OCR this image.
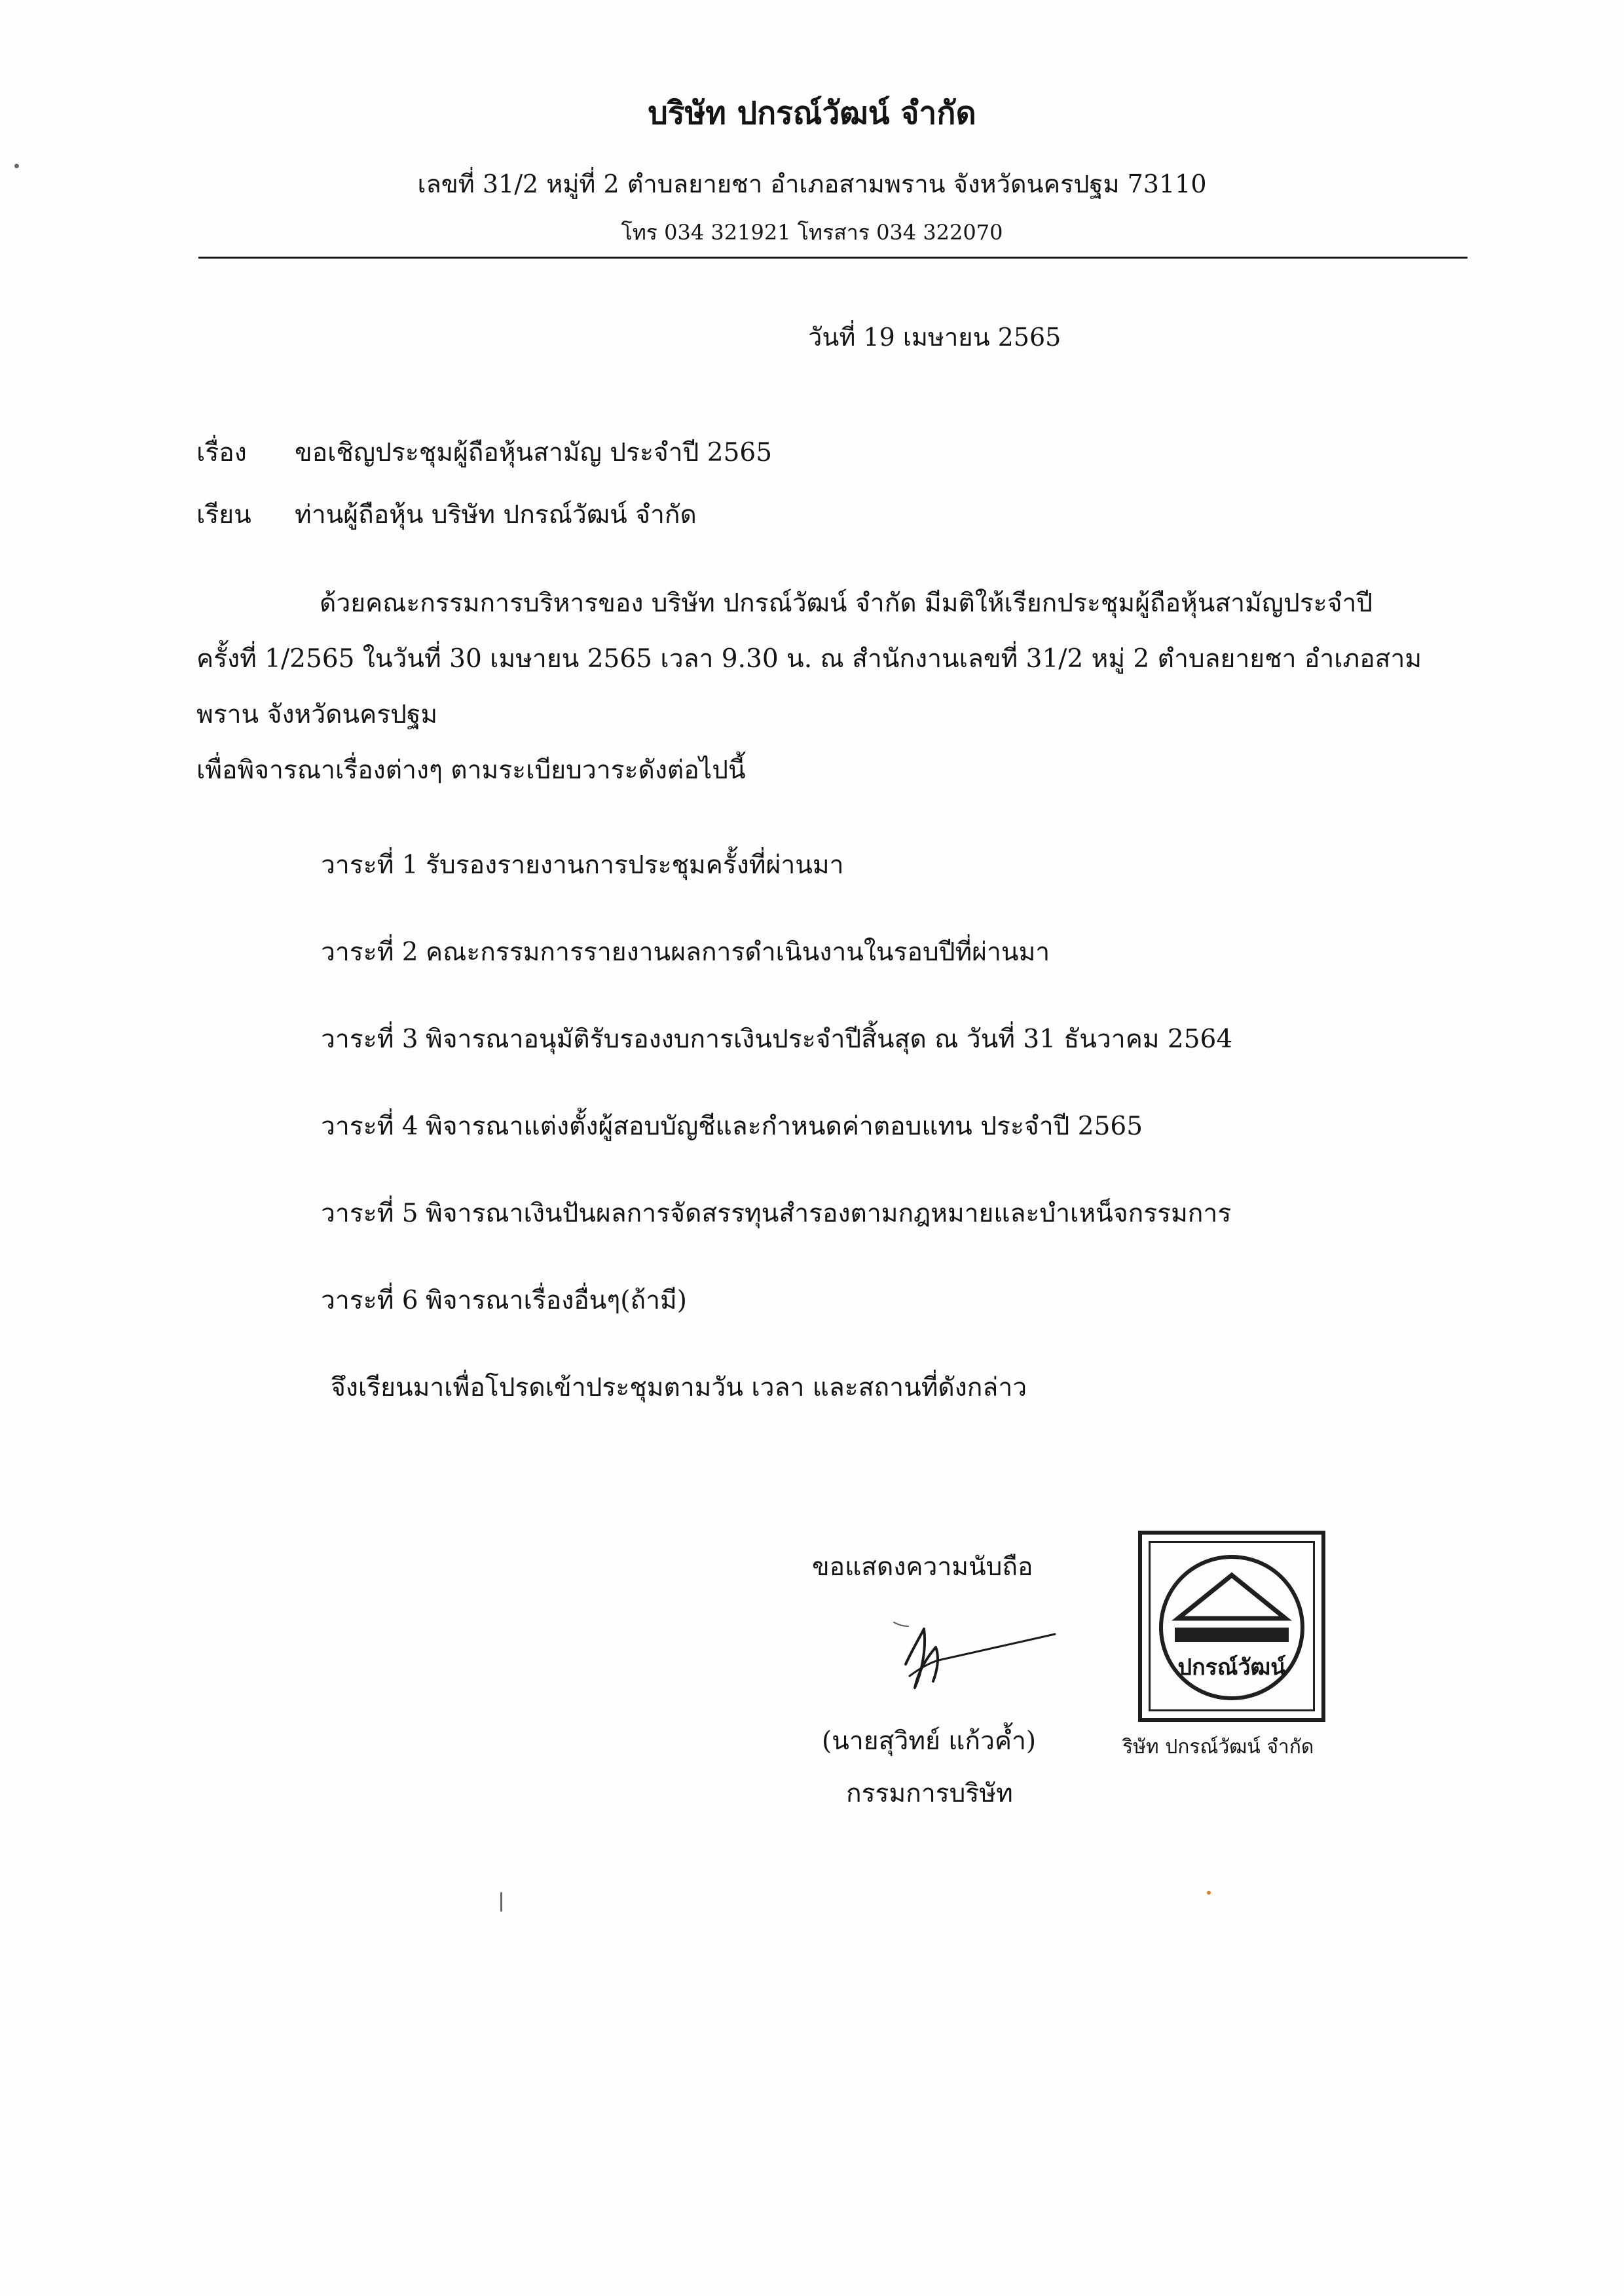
บริษัท ปกรณ์วัฒน์ จำกัด
เลขที่ 31/2 หมู่ที่ 2 ตำบลยายชา อำเภอสามพราน จังหวัดนครปฐม 73110
โทร 034 321921 โทรสาร 034 322070
วันที่ 19 เมษายน 2565
เรื่อง ขอเชิญประชุมผู้ถือหุ้นสามัญ ประจำปี 2565
เรียน ท่านผู้ถือหุ้น บริษัท ปกรณ์วัฒน์ จำกัด
ด้วยคณะกรรมการบริหารของ บริษัท ปกรณ์วัฒน์ จำกัด มีมติให้เรียกประชุมผู้ถือหุ้นสามัญประจำปี
ครั้งที่ 1/2565 ในวันที่ 30 เมษายน 2565 เวลา 9.30 น. ณ สำนักงานเลขที่ 31/2 หมู่ 2 ตำบลยายชา อำเภอสาม
พราน จังหวัดนครปฐม
เพื่อพิจารณาเรื่องต่างๆ ตามระเบียบวาระดังต่อไปนี้
วาระที่ 1 รับรองรายงานการประชุมครั้งที่ผ่านมา
วาระที่ 2 คณะกรรมการรายงานผลการดำเนินงานในรอบปีที่ผ่านมา
วาระที่ 3 พิจารณาอนุมัติรับรองงบการเงินประจำปีสิ้นสุด ณ วันที่ 31 ธันวาคม 2564
วาระที่ 4 พิจารณาแต่งตั้งผู้สอบบัญชีและกำหนดค่าตอบแทน ประจำปี 2565
วาระที่ 5 พิจารณาเงินปันผลการจัดสรรทุนสำรองตามกฎหมายและบำเหน็จกรรมการ
วาระที่ 6 พิจารณาเรื่องอื่นๆ(ถ้ามี)
จึงเรียนมาเพื่อโปรดเข้าประชุมตามวัน เวลา และสถานที่ดังกล่าว
ขอแสดงความนับถือ
(นายสุวิทย์ แก้วค้ำ)
กรรมการบริษัท
ปกรณ์วัฒน์
ริษัท ปกรณ์วัฒน์ จำกัด
